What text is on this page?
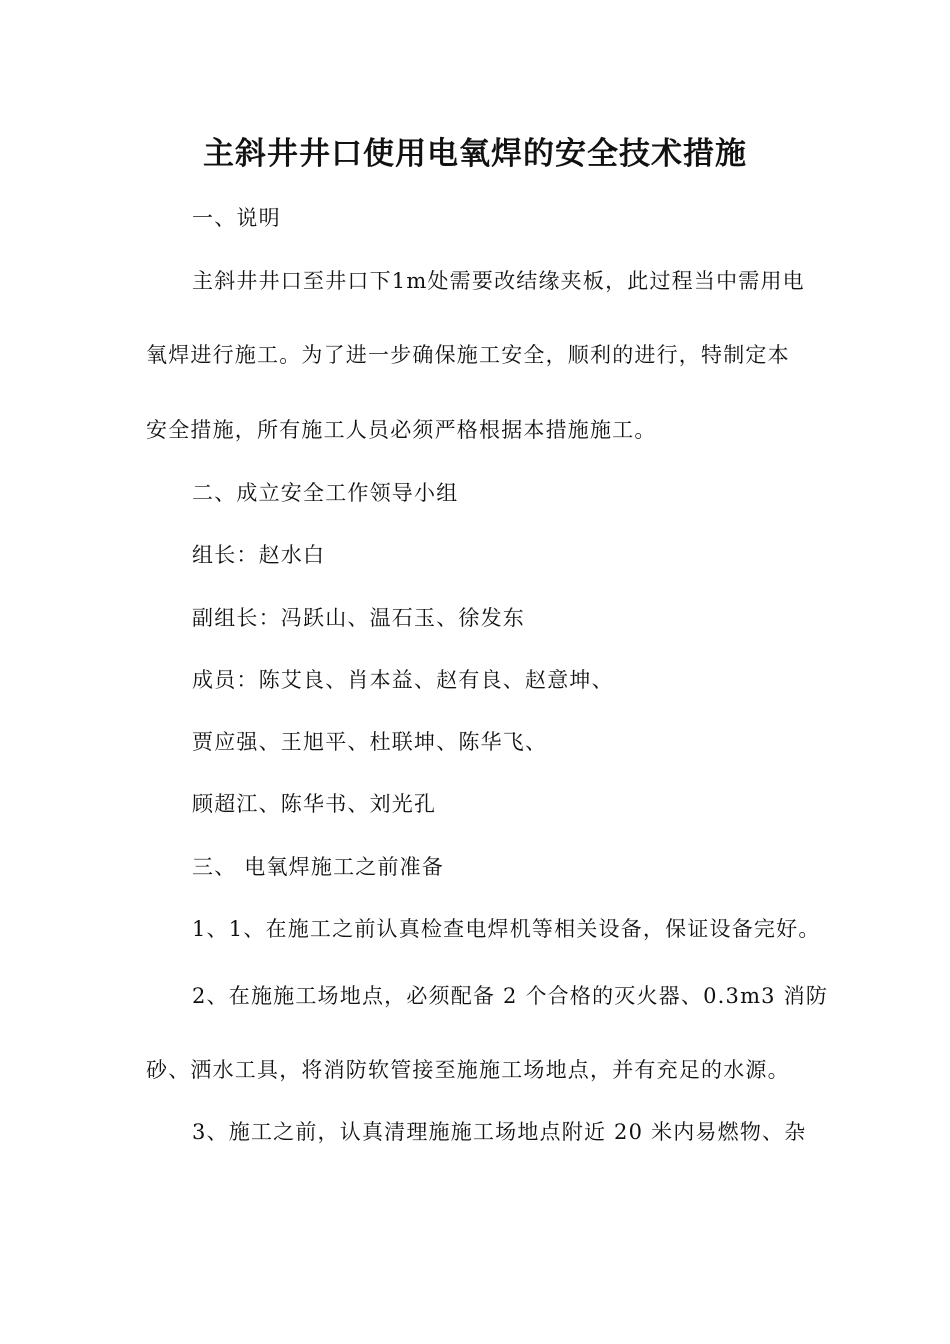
主斜井井口使用电氧焊的安全技术措施
一、说明
主斜井井口至井口下1m处需要改结缘夹板，此过程当中需用电
氧焊进行施工。为了进一步确保施工安全，顺利的进行，特制定本
安全措施，所有施工人员必须严格根据本措施施工。
二、成立安全工作领导小组
组长：赵水白
副组长：冯跃山、温石玉、徐发东
成员：陈艾良、肖本益、赵有良、赵意坤、
贾应强、王旭平、杜联坤、陈华飞、
顾超江、陈华书、刘光孔
三、 电氧焊施工之前准备
1、1、在施工之前认真检查电焊机等相关设备，保证设备完好。
2、在施施工场地点，必须配备 2 个合格的灭火器、0.3m3 消防
砂、洒水工具，将消防软管接至施施工场地点，并有充足的水源。
3、施工之前，认真清理施施工场地点附近 20 米内易燃物、杂
